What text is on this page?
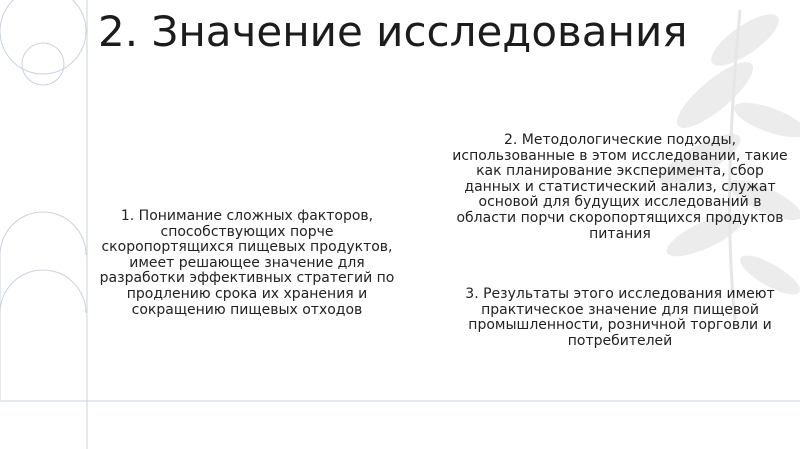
2. Значение исследования
1. Понимание сложных факторов, способствующих порче скоропортящихся пищевых продуктов, имеет решающее значение для разработки эффективных стратегий по продлению срока их хранения и сокращению пищевых отходов
2. Методологические подходы, использованные в этом исследовании, такие как планирование эксперимента, сбор данных и статистический анализ, служат основой для будущих исследований в области порчи скоропортящихся продуктов питания
3. Результаты этого исследования имеют практическое значение для пищевой промышленности, розничной торговли и потребителей
